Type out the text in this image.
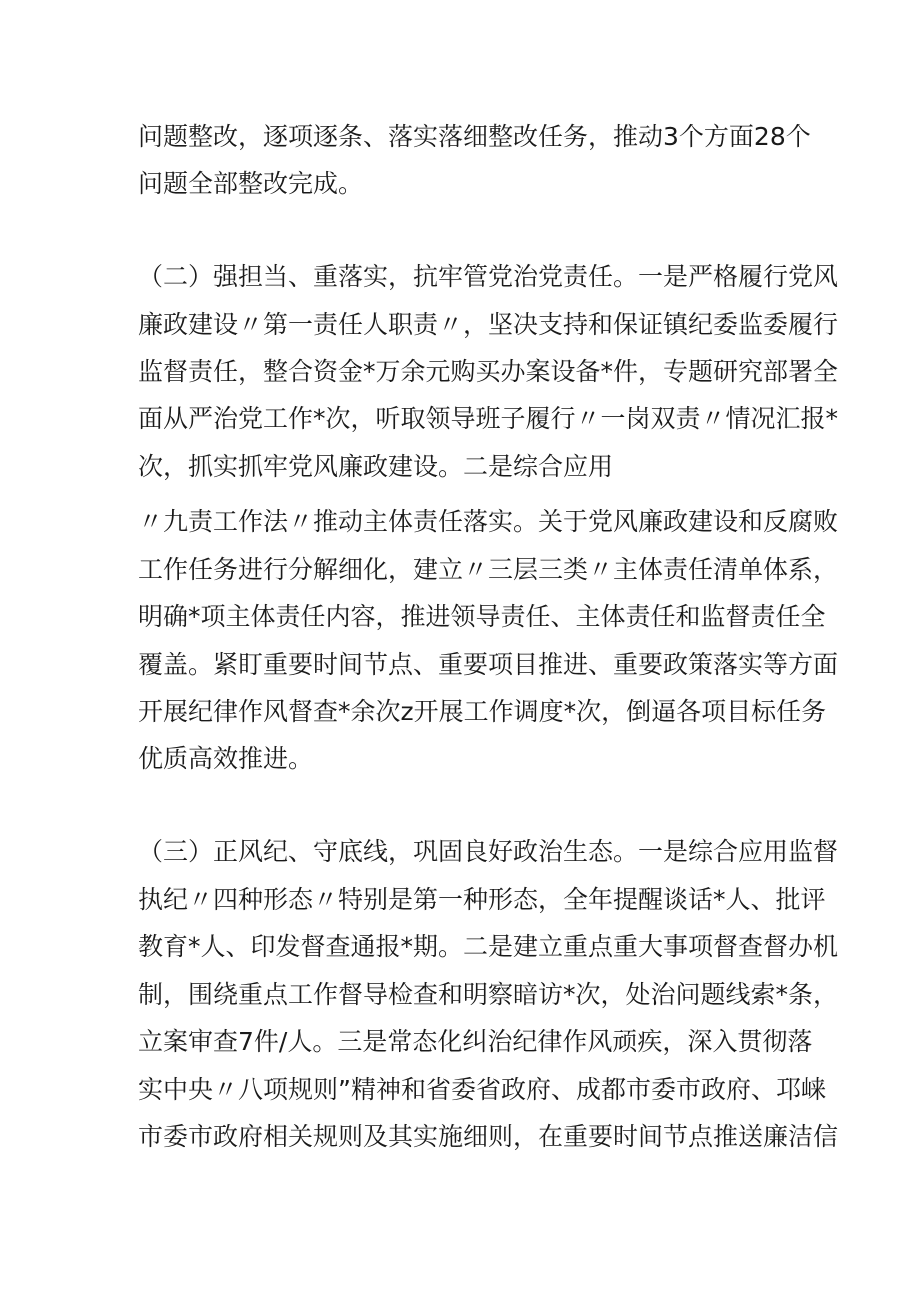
问题整改，逐项逐条、落实落细整改任务，推动3个方面28个
问题全部整改完成。
（二）强担当、重落实，抗牢管党治党责任。一是严格履行党风
廉政建设〃第一责任人职责〃，坚决支持和保证镇纪委监委履行
监督责任，整合资金*万余元购买办案设备*件，专题研究部署全
面从严治党工作*次，听取领导班子履行〃一岗双责〃情况汇报*
次，抓实抓牢党风廉政建设。二是综合应用
〃九责工作法〃推动主体责任落实。关于党风廉政建设和反腐败
工作任务进行分解细化，建立〃三层三类〃主体责任清单体系，
明确*项主体责任内容，推进领导责任、主体责任和监督责任全
覆盖。紧盯重要时间节点、重要项目推进、重要政策落实等方面
开展纪律作风督查*余次z开展工作调度*次，倒逼各项目标任务
优质高效推进。
（三）正风纪、守底线，巩固良好政治生态。一是综合应用监督
执纪〃四种形态〃特别是第一种形态，全年提醒谈话*人、批评
教育*人、印发督查通报*期。二是建立重点重大事项督查督办机
制，围绕重点工作督导检查和明察暗访*次，处治问题线索*条，
立案审查7件/人。三是常态化纠治纪律作风顽疾，深入贯彻落
实中央〃八项规则”精神和省委省政府、成都市委市政府、邛崃
市委市政府相关规则及其实施细则，在重要时间节点推送廉洁信
